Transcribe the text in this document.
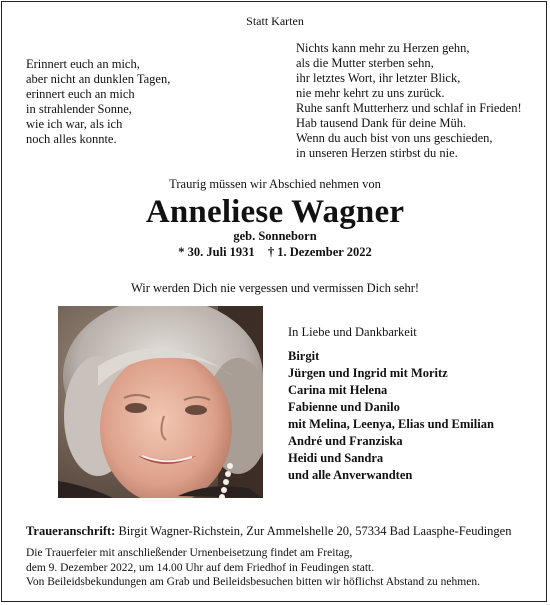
Statt Karten
Erinnert euch an mich,
aber nicht an dunklen Tagen,
erinnert euch an mich
in strahlender Sonne,
wie ich war, als ich
noch alles konnte.
Nichts kann mehr zu Herzen gehn,
als die Mutter sterben sehn,
ihr letztes Wort, ihr letzter Blick,
nie mehr kehrt zu uns zurück.
Ruhe sanft Mutterherz und schlaf in Frieden!
Hab tausend Dank für deine Müh.
Wenn du auch bist von uns geschieden,
in unseren Herzen stirbst du nie.
Traurig müssen wir Abschied nehmen von
Anneliese Wagner
geb. Sonneborn
* 30. Juli 1931 † 1. Dezember 2022
Wir werden Dich nie vergessen und vermissen Dich sehr!
In Liebe und Dankbarkeit
Birgit
Jürgen und Ingrid mit Moritz
Carina mit Helena
Fabienne und Danilo
mit Melina, Leenya, Elias und Emilian
André und Franziska
Heidi und Sandra
und alle Anverwandten
Traueranschrift: Birgit Wagner-Richstein, Zur Ammelshelle 20, 57334 Bad Laasphe-Feudingen
Die Trauerfeier mit anschließender Urnenbeisetzung findet am Freitag,
dem 9. Dezember 2022, um 14.00 Uhr auf dem Friedhof in Feudingen statt.
Von Beileidsbekundungen am Grab und Beileidsbesuchen bitten wir höflichst Abstand zu nehmen.
